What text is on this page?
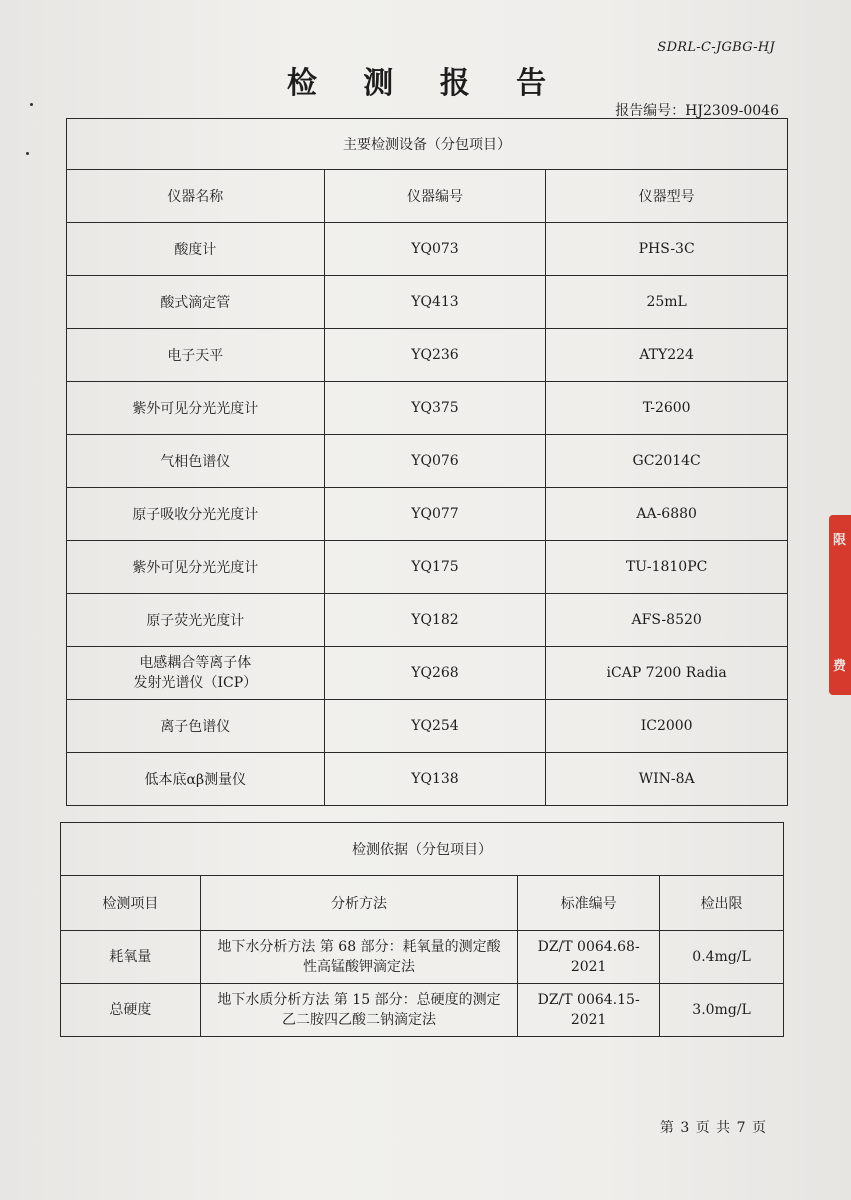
SDRL-C-JGBG-HJ
检 测 报 告
报告编号：HJ2309-0046
主要检测设备（分包项目）		
仪器名称	仪器编号	仪器型号
酸度计	YQ073	PHS-3C
酸式滴定管	YQ413	25mL
电子天平	YQ236	ATY224
紫外可见分光光度计	YQ375	T-2600
气相色谱仪	YQ076	GC2014C
原子吸收分光光度计	YQ077	AA-6880
紫外可见分光光度计	YQ175	TU-1810PC
原子荧光光度计	YQ182	AFS-8520

电感耦合等离子体
发射光谱仪（ICP）	YQ268	iCAP 7200 Radia
离子色谱仪	YQ254	IC2000
低本底αβ测量仪	YQ138	WIN-8A
检测依据（分包项目）			
检测项目	分析方法	标准编号	检出限
耗氧量	地下水分析方法 第 68 部分：耗氧量的测定酸
性高锰酸钾滴定法	DZ/T 0064.68-2021	0.4mg/L
总硬度	地下水质分析方法 第 15 部分：总硬度的测定
乙二胺四乙酸二钠滴定法	DZ/T 0064.15-2021	3.0mg/L
第 3 页 共 7 页
限
费
